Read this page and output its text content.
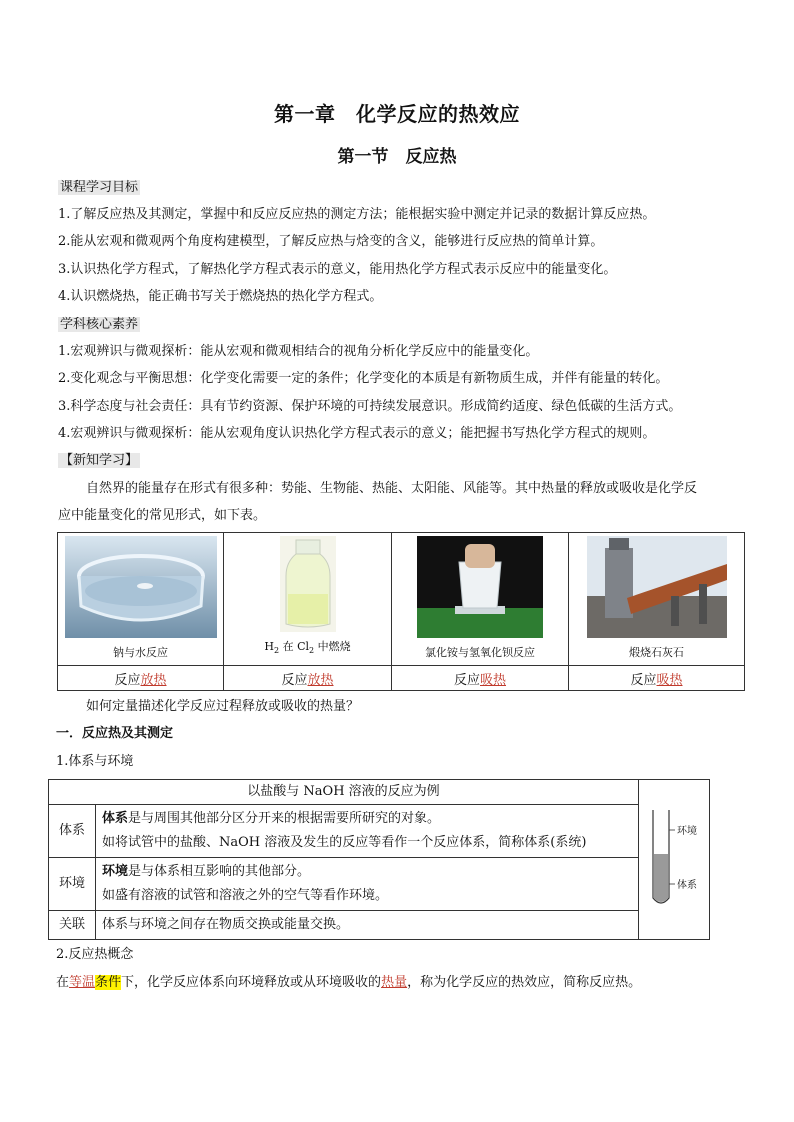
第一章　化学反应的热效应
第一节　反应热
课程学习目标
1.了解反应热及其测定，掌握中和反应反应热的测定方法；能根据实验中测定并记录的数据计算反应热。
2.能从宏观和微观两个角度构建模型，了解反应热与焓变的含义，能够进行反应热的简单计算。
3.认识热化学方程式，了解热化学方程式表示的意义，能用热化学方程式表示反应中的能量变化。
4.认识燃烧热，能正确书写关于燃烧热的热化学方程式。
学科核心素养
1.宏观辨识与微观探析：能从宏观和微观相结合的视角分析化学反应中的能量变化。
2.变化观念与平衡思想：化学变化需要一定的条件；化学变化的本质是有新物质生成，并伴有能量的转化。
3.科学态度与社会责任：具有节约资源、保护环境的可持续发展意识。形成简约适度、绿色低碳的生活方式。
4.宏观辨识与微观探析：能从宏观角度认识热化学方程式表示的意义；能把握书写热化学方程式的规则。
【新知学习】
自然界的能量存在形式有很多种：势能、生物能、热能、太阳能、风能等。其中热量的释放或吸收是化学反
应中能量变化的常见形式，如下表。
钠与水反应	$H_2$ 在 $Cl_2$ 中燃烧	氯化铵与氢氧化钡反应	煅烧石灰石

反应放热	反应放热	反应吸热	反应吸热
如何定量描述化学反应过程释放或吸收的热量？
一．反应热及其测定
1.体系与环境
以盐酸与 NaOH 溶液的反应为例		环境
体系

体系	体系是与周围其他部分区分开来的根据需要所研究的对象。
如将试管中的盐酸、NaOH 溶液及发生的反应等看作一个反应体系，简称体系(系统)	

环境	环境是与体系相互影响的其他部分。
如盛有溶液的试管和溶液之外的空气等看作环境。	

关联	体系与环境之间存在物质交换或能量交换。	
2.反应热概念
在等温条件下，化学反应体系向环境释放或从环境吸收的热量，称为化学反应的热效应，简称反应热。
